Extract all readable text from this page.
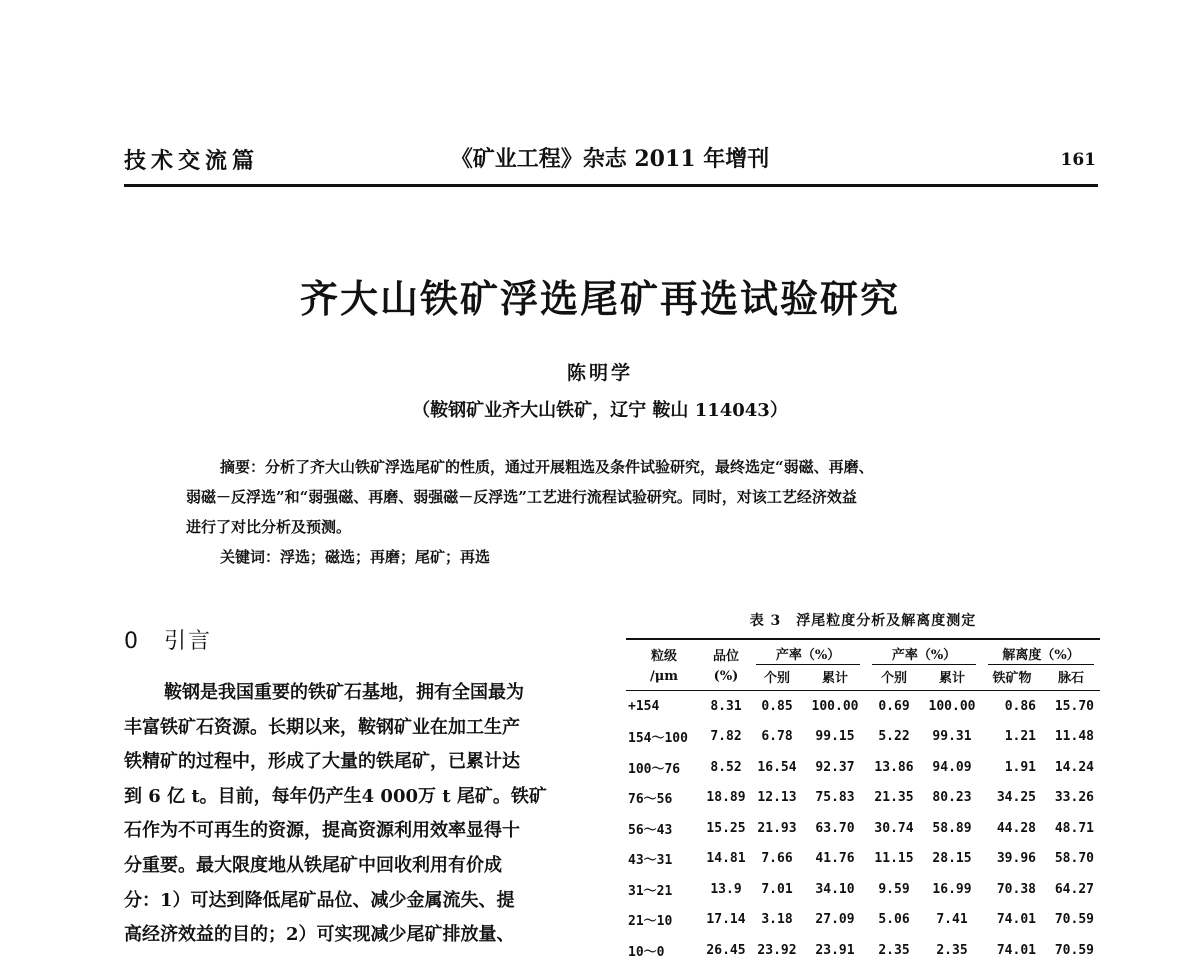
技术交流篇	《矿业工程》杂志 2011 年增刊	161
齐大山铁矿浮选尾矿再选试验研究
陈明学
（鞍钢矿业齐大山铁矿，辽宁 鞍山 114043）
摘要：分析了齐大山铁矿浮选尾矿的性质，通过开展粗选及条件试验研究，最终选定“弱磁、再磨、
弱磁－反浮选”和“弱强磁、再磨、弱强磁－反浮选”工艺进行流程试验研究。同时，对该工艺经济效益
进行了对比分析及预测。
关键词：浮选；磁选；再磨；尾矿；再选
0　引言
鞍钢是我国重要的铁矿石基地，拥有全国最为
丰富铁矿石资源。长期以来，鞍钢矿业在加工生产
铁精矿的过程中，形成了大量的铁尾矿，已累计达
到 6 亿 t。目前，每年仍产生4 000万 t 尾矿。铁矿
石作为不可再生的资源，提高资源利用效率显得十
分重要。最大限度地从铁尾矿中回收利用有价成
分：1）可达到降低尾矿品位、减少金属流失、提
高经济效益的目的；2）可实现减少尾矿排放量、
表 3　浮尾粒度分析及解离度测定
粒级	品位	产率（%）		产率（%）		解离度（%）	

/μm	(%)	个别	累计	个别	累计	铁矿物	脉石
+154	8.31	0.85	100.00	0.69	100.00	0.86	15.70
154～100	7.82	6.78	99.15	5.22	99.31	1.21	11.48
100～76	8.52	16.54	92.37	13.86	94.09	1.91	14.24
76～56	18.89	12.13	75.83	21.35	80.23	34.25	33.26
56～43	15.25	21.93	63.70	30.74	58.89	44.28	48.71
43～31	14.81	7.66	41.76	11.15	28.15	39.96	58.70
31～21	13.9	7.01	34.10	9.59	16.99	70.38	64.27
21～10	17.14	3.18	27.09	5.06	7.41	74.01	70.59
10～0	26.45	23.92	23.91	2.35	2.35	74.01	70.59
